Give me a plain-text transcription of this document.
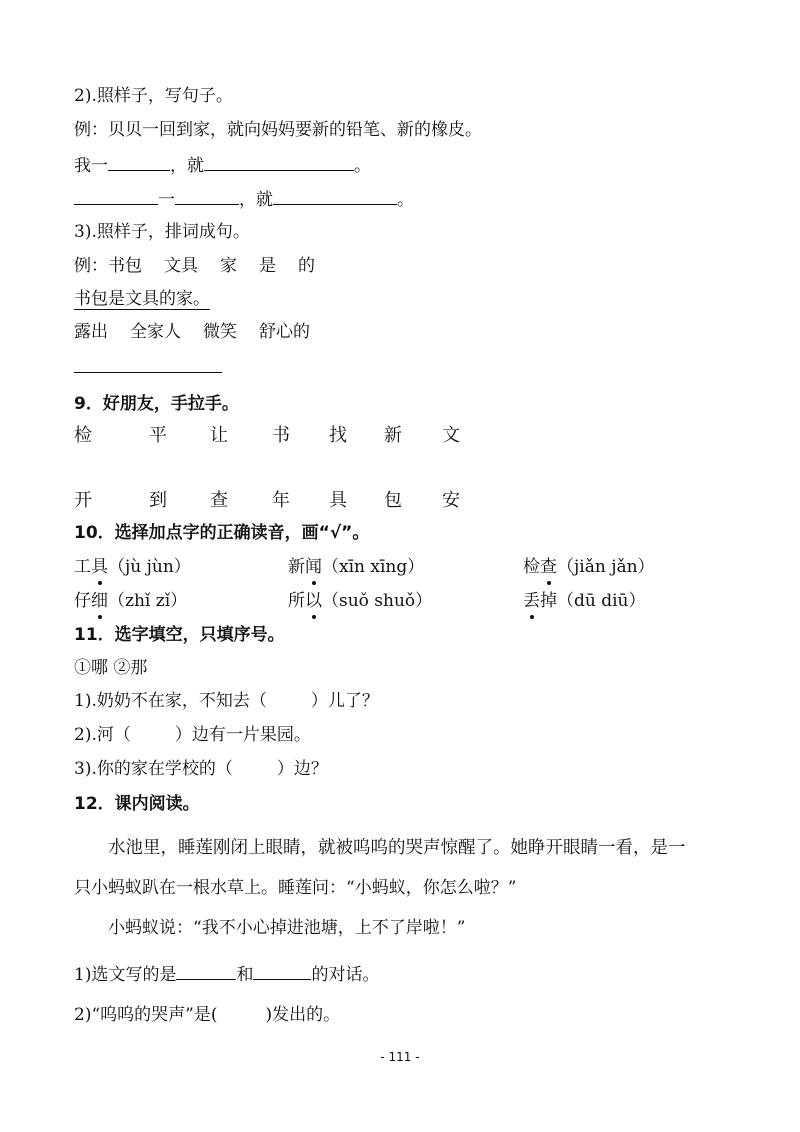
2).照样子，写句子。
例：贝贝一回到家，就向妈妈要新的铅笔、新的橡皮。
我一	，就	。
一	，就	。
3).照样子，排词成句。
例：书包 文具 家 是 的
书包是文具的家。
露出 全家人 微笑 舒心的
9．好朋友，手拉手。
检	平 让 书 找 新 文
开	到 查 年 具 包 安
10．选择加点字的正确读音，画“√”。
工具（jù jùn）	新闻（xīn xīng）	检查（jiǎn jǎn）
仔细（zhǐ zǐ）	所以（suǒ shuǒ）	丢掉（dū diū）
11．选字填空，只填序号。
①哪 ②那
1).奶奶不在家，不知去（	）儿了？
2).河（	）边有一片果园。
3).你的家在学校的（	）边？
12．课内阅读。
水池里，睡莲刚闭上眼睛，就被呜呜的哭声惊醒了。她睁开眼睛一看，是一
只小蚂蚁趴在一根水草上。睡莲问：“小蚂蚁，你怎么啦？”
小蚂蚁说：“我不小心掉进池塘，上不了岸啦！”
1)选文写的是	和	的对话。
2)“呜呜的哭声”是(	)发出的。
- 111 -
